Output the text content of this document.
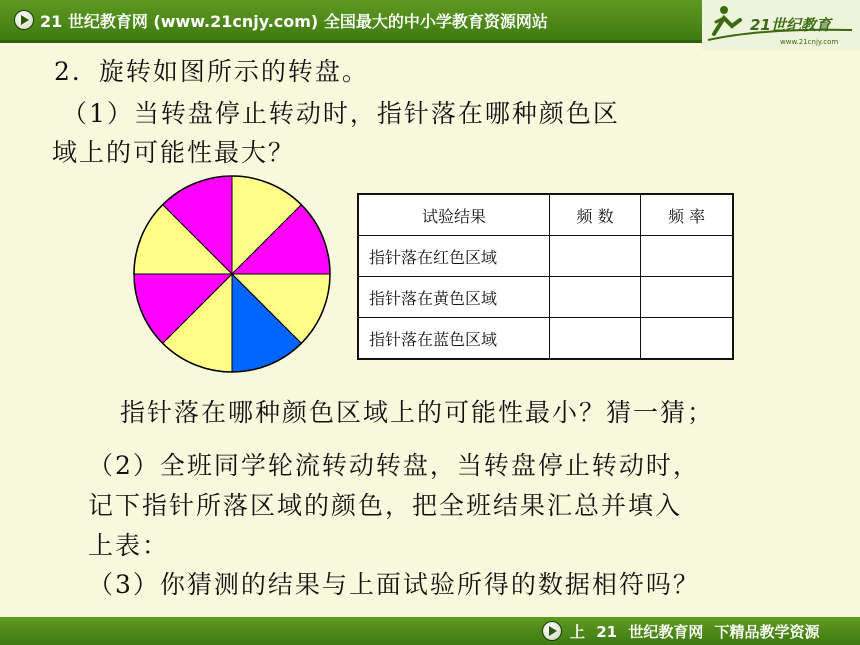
21 世纪教育网 (www.21cnjy.com) 全国最大的中小学教育资源网站	21世纪教育
www.21cnjy.com
2．旋转如图所示的转盘。
（1）当转盘停止转动时，指针落在哪种颜色区
域上的可能性最大？
试验结果	频 数	频 率
指针落在红色区域		
指针落在黄色区域		
指针落在蓝色区域		
指针落在哪种颜色区域上的可能性最小？猜一猜；
（2）全班同学轮流转动转盘，当转盘停止转动时，
记下指针所落区域的颜色，把全班结果汇总并填入
上表：
（3）你猜测的结果与上面试验所得的数据相符吗？
上 21 世纪教育网 下精品教学资源
